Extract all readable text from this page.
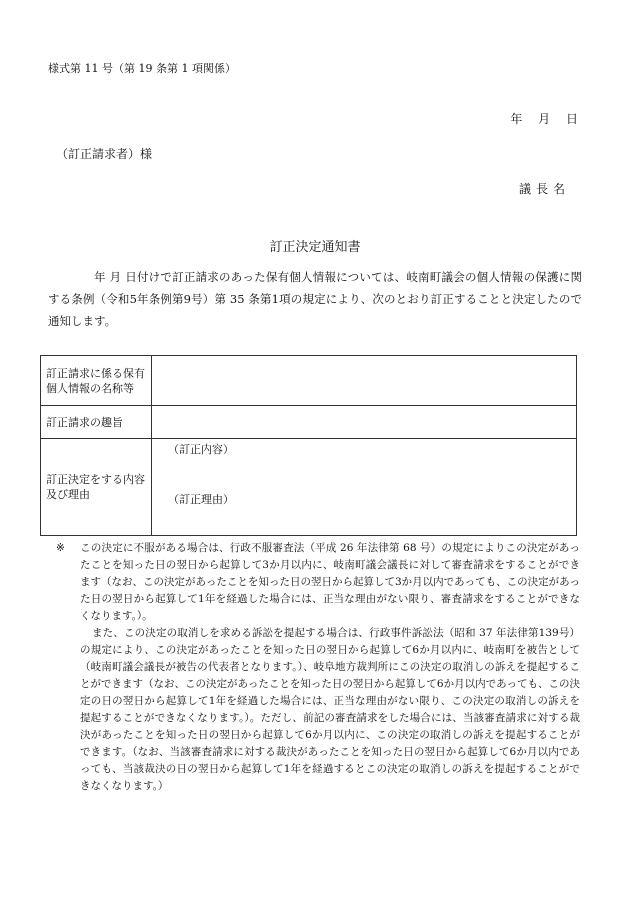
様式第 11 号（第 19 条第 1 項関係）
年 月 日
（訂正請求者）様
議長名
訂正決定通知書
年 月 日付けで訂正請求のあった保有個人情報については、岐南町議会の個人情報の保護に関する条例（令和5年条例第9号）第 35 条第1項の規定により、次のとおり訂正することと決定したので通知します。
訂正請求に係る保有個人情報の名称等	
訂正請求の趣旨	
訂正決定をする内容及び理由	（訂正内容）
（訂正理由）

※ この決定に不服がある場合は、行政不服審査法（平成 26 年法律第 68 号）の規定によりこの決定があったことを知った日の翌日から起算して3か月以内に、岐南町議会議長に対して審査請求をすることができます（なお、この決定があったことを知った日の翌日から起算して3か月以内であっても、この決定があった日の翌日から起算して1年を経過した場合には、正当な理由がない限り、審査請求をすることができなくなります。）。

また、この決定の取消しを求める訴訟を提起する場合は、行政事件訴訟法（昭和 37 年法律第139号）の規定により、この決定があったことを知った日の翌日から起算して6か月以内に、岐南町を被告として（岐南町議会議長が被告の代表者となります。）、岐阜地方裁判所にこの決定の取消しの訴えを提起することができます（なお、この決定があったことを知った日の翌日から起算して6か月以内であっても、この決定の日の翌日から起算して1年を経過した場合には、正当な理由がない限り、この決定の取消しの訴えを提起することができなくなります。）。ただし、前記の審査請求をした場合には、当該審査請求に対する裁決があったことを知った日の翌日から起算して6か月以内に、この決定の取消しの訴えを提起することができます。（なお、当該審査請求に対する裁決があったことを知った日の翌日から起算して6か月以内であっても、当該裁決の日の翌日から起算して1年を経過するとこの決定の取消しの訴えを提起することができなくなります。）
